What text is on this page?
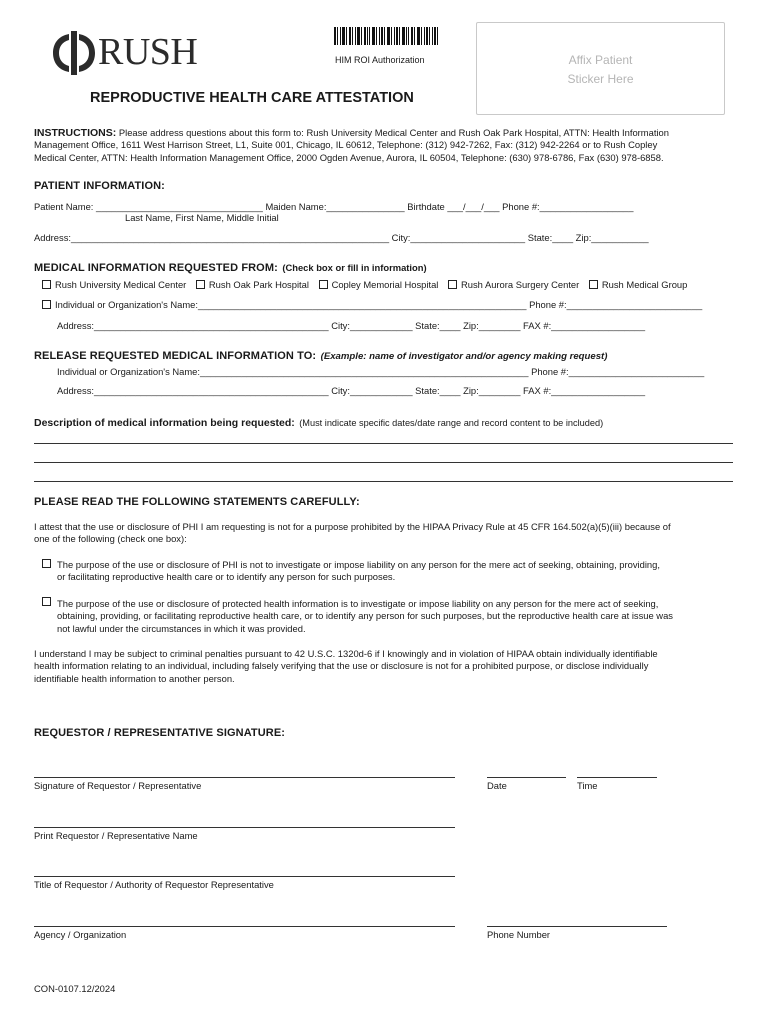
RUSH	HIM ROI Authorization	Affix Patient
Sticker Here
REPRODUCTIVE HEALTH CARE ATTESTATION
INSTRUCTIONS: Please address questions about this form to: Rush University Medical Center and Rush Oak Park Hospital, ATTN: Health Information
Management Office, 1611 West Harrison Street, L1, Suite 001, Chicago, IL 60612, Telephone: (312) 942-7262, Fax: (312) 942-2264 or to Rush Copley
Medical Center, ATTN: Health Information Management Office, 2000 Ogden Avenue, Aurora, IL 60504, Telephone: (630) 978-6786, Fax (630) 978-6858.
PATIENT INFORMATION:
Patient Name: ________________________________ Maiden Name:_______________ Birthdate ___/___/___ Phone #:__________________
Last Name, First Name, Middle Initial
Address:_____________________________________________________________ City:______________________ State:____ Zip:___________
MEDICAL INFORMATION REQUESTED FROM: (Check box or fill in information)
Rush University Medical Center Rush Oak Park Hospital Copley Memorial Hospital Rush Aurora Surgery Center Rush Medical Group
Individual or Organization's Name:_______________________________________________________________ Phone #:__________________________
Address:_____________________________________________ City:____________ State:____ Zip:________ FAX #:__________________
RELEASE REQUESTED MEDICAL INFORMATION TO: (Example: name of investigator and/or agency making request)
Individual or Organization's Name:_______________________________________________________________ Phone #:__________________________
Address:_____________________________________________ City:____________ State:____ Zip:________ FAX #:__________________
Description of medical information being requested: (Must indicate specific dates/date range and record content to be included)
PLEASE READ THE FOLLOWING STATEMENTS CAREFULLY:
I attest that the use or disclosure of PHI I am requesting is not for a purpose prohibited by the HIPAA Privacy Rule at 45 CFR 164.502(a)(5)(iii) because of
one of the following (check one box):
The purpose of the use or disclosure of PHI is not to investigate or impose liability on any person for the mere act of seeking, obtaining, providing,
or facilitating reproductive health care or to identify any person for such purposes.
The purpose of the use or disclosure of protected health information is to investigate or impose liability on any person for the mere act of seeking,
obtaining, providing, or facilitating reproductive health care, or to identify any person for such purposes, but the reproductive health care at issue was
not lawful under the circumstances in which it was provided.
I understand I may be subject to criminal penalties pursuant to 42 U.S.C. 1320d-6 if I knowingly and in violation of HIPAA obtain individually identifiable
health information relating to an individual, including falsely verifying that the use or disclosure is not for a prohibited purpose, or disclose individually
identifiable health information to another person.
REQUESTOR / REPRESENTATIVE SIGNATURE:
Signature of Requestor / Representative	Date	Time
Print Requestor / Representative Name
Title of Requestor / Authority of Requestor Representative
Agency / Organization	Phone Number
CON-0107.12/2024
